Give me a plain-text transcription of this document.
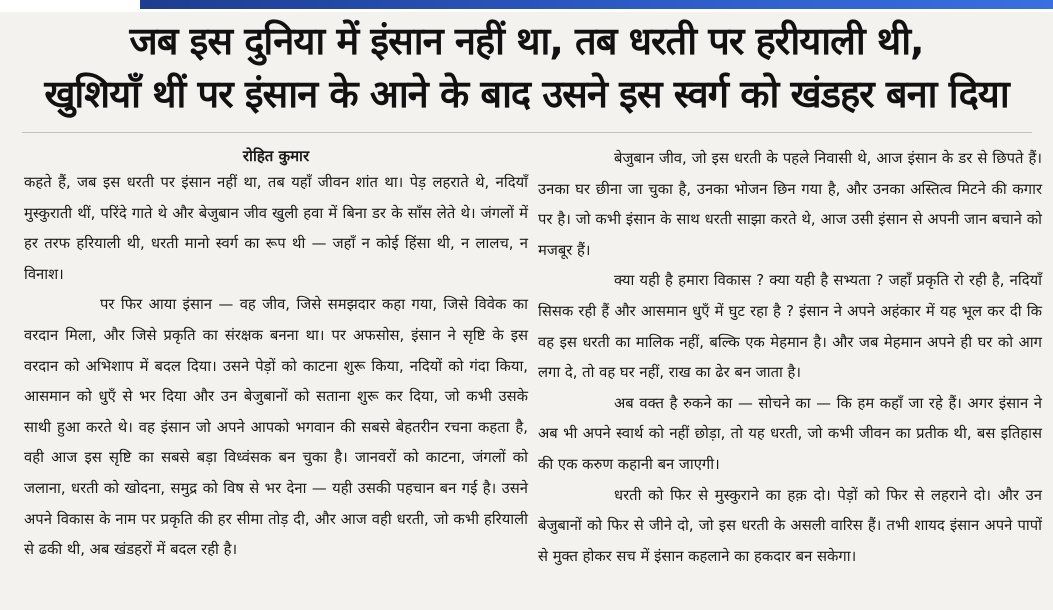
जब इस दुनिया में इंसान नहीं था, तब धरती पर हरीयाली थी,
खुशियाँ थीं पर इंसान के आने के बाद उसने इस स्वर्ग को खंडहर बना दिया
रोहित कुमार

कहते हैं, जब इस धरती पर इंसान नहीं था, तब यहाँ जीवन शांत था। पेड़ लहराते थे, नदियाँ मुस्कुराती थीं, परिंदे गाते थे और बेजुबान जीव खुली हवा में बिना डर के साँस लेते थे। जंगलों में हर तरफ हरियाली थी, धरती मानो स्वर्ग का रूप थी — जहाँ न कोई हिंसा थी, न लालच, न विनाश।

पर फिर आया इंसान — वह जीव, जिसे समझदार कहा गया, जिसे विवेक का वरदान मिला, और जिसे प्रकृति का संरक्षक बनना था। पर अफसोस, इंसान ने सृष्टि के इस वरदान को अभिशाप में बदल दिया। उसने पेड़ों को काटना शुरू किया, नदियों को गंदा किया, आसमान को धुएँ से भर दिया और उन बेजुबानों को सताना शुरू कर दिया, जो कभी उसके साथी हुआ करते थे। वह इंसान जो अपने आपको भगवान की सबसे बेहतरीन रचना कहता है, वही आज इस सृष्टि का सबसे बड़ा विध्वंसक बन चुका है। जानवरों को काटना, जंगलों को जलाना, धरती को खोदना, समुद्र को विष से भर देना — यही उसकी पहचान बन गई है। उसने अपने विकास के नाम पर प्रकृति की हर सीमा तोड़ दी, और आज वही धरती, जो कभी हरियाली से ढकी थी, अब खंडहरों में बदल रही है।

बेजुबान जीव, जो इस धरती के पहले निवासी थे, आज इंसान के डर से छिपते हैं। उनका घर छीना जा चुका है, उनका भोजन छिन गया है, और उनका अस्तित्व मिटने की कगार पर है। जो कभी इंसान के साथ धरती साझा करते थे, आज उसी इंसान से अपनी जान बचाने को मजबूर हैं।

क्या यही है हमारा विकास ? क्या यही है सभ्यता ? जहाँ प्रकृति रो रही है, नदियाँ सिसक रही हैं और आसमान धुएँ में घुट रहा है ? इंसान ने अपने अहंकार में यह भूल कर दी कि वह इस धरती का मालिक नहीं, बल्कि एक मेहमान है। और जब मेहमान अपने ही घर को आग लगा दे, तो वह घर नहीं, राख का ढेर बन जाता है।

अब वक्त है रुकने का — सोचने का — कि हम कहाँ जा रहे हैं। अगर इंसान ने अब भी अपने स्वार्थ को नहीं छोड़ा, तो यह धरती, जो कभी जीवन का प्रतीक थी, बस इतिहास की एक करुण कहानी बन जाएगी।

धरती को फिर से मुस्कुराने का हक़ दो। पेड़ों को फिर से लहराने दो। और उन बेजुबानों को फिर से जीने दो, जो इस धरती के असली वारिस हैं। तभी शायद इंसान अपने पापों से मुक्त होकर सच में इंसान कहलाने का हकदार बन सकेगा।
